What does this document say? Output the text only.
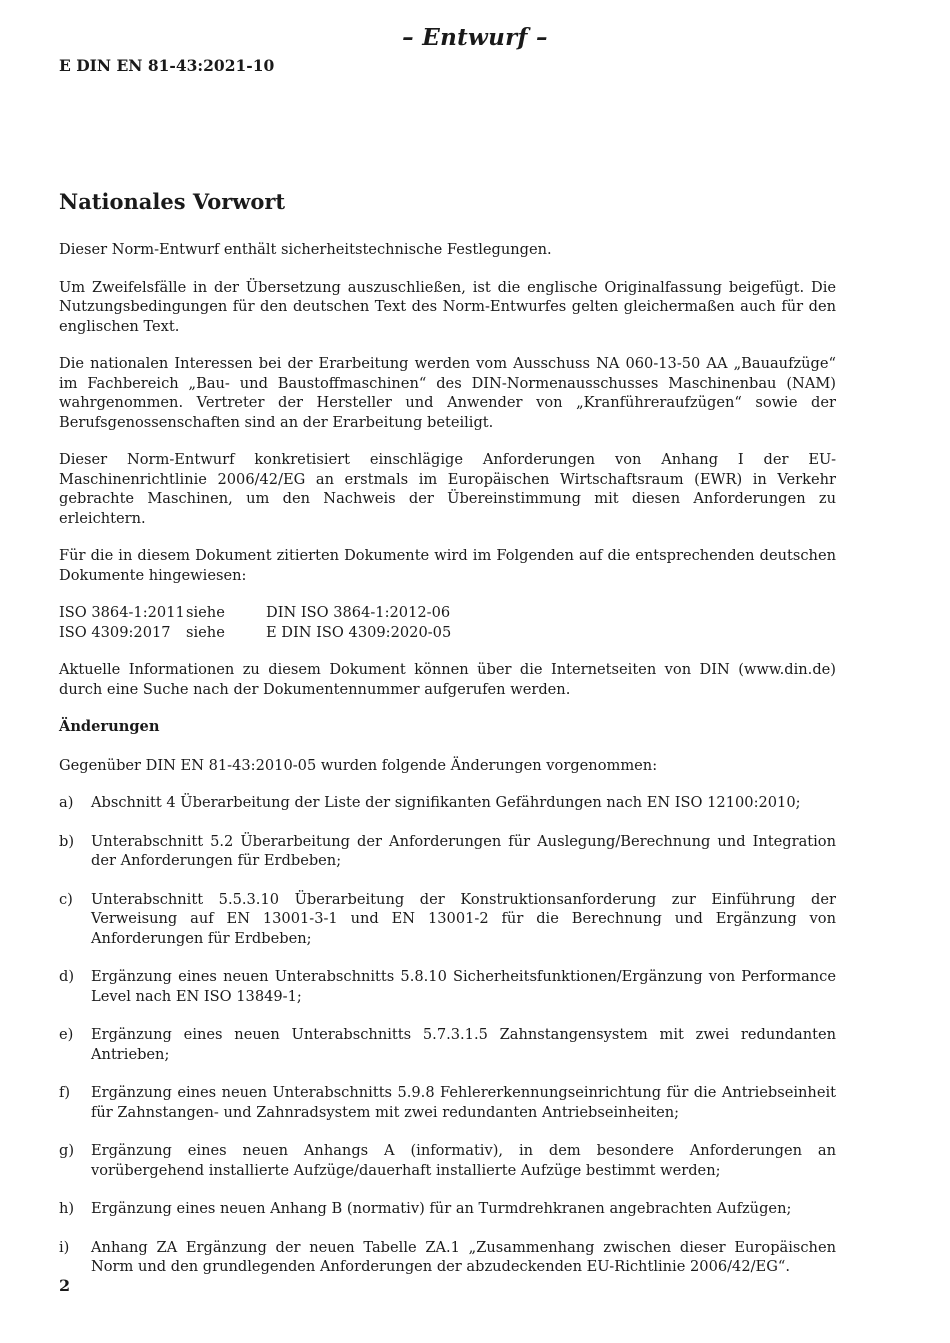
– Entwurf –
E DIN EN 81-43:2021-10
Nationales Vorwort

Dieser Norm-Entwurf enthält sicherheitstechnische Festlegungen.

Um Zweifelsfälle in der Übersetzung auszuschließen, ist die englische Originalfassung beigefügt. Die Nutzungsbedingungen für den deutschen Text des Norm-Entwurfes gelten gleichermaßen auch für den englischen Text.

Die nationalen Interessen bei der Erarbeitung werden vom Ausschuss NA 060-13-50 AA „Bauaufzüge“ im Fachbereich „Bau- und Baustoffmaschinen“ des DIN-Normenausschusses Maschinenbau (NAM) wahrgenommen. Vertreter der Hersteller und Anwender von „Kranführeraufzügen“ sowie der Berufsgenossenschaften sind an der Erarbeitung beteiligt.

Dieser Norm-Entwurf konkretisiert einschlägige Anforderungen von Anhang I der EU-Maschinenrichtlinie 2006/42/EG an erstmals im Europäischen Wirtschaftsraum (EWR) in Verkehr gebrachte Maschinen, um den Nachweis der Übereinstimmung mit diesen Anforderungen zu erleichtern.

Für die in diesem Dokument zitierten Dokumente wird im Folgenden auf die entsprechenden deutschen Dokumente hingewiesen:

ISO 3864-1:2011	siehe	DIN ISO 3864-1:2012-06
ISO 4309:2017	siehe	E DIN ISO 4309:2020-05

Aktuelle Informationen zu diesem Dokument können über die Internetseiten von DIN (www.din.de) durch eine Suche nach der Dokumentennummer aufgerufen werden.

Änderungen

Gegenüber DIN EN 81-43:2010-05 wurden folgende Änderungen vorgenommen:

a) Abschnitt 4 Überarbeitung der Liste der signifikanten Gefährdungen nach EN ISO 12100:2010;
b) Unterabschnitt 5.2 Überarbeitung der Anforderungen für Auslegung/Berechnung und Integration der Anforderungen für Erdbeben;
c) Unterabschnitt 5.5.3.10 Überarbeitung der Konstruktionsanforderung zur Einführung der Verweisung auf EN 13001-3-1 und EN 13001-2 für die Berechnung und Ergänzung von Anforderungen für Erdbeben;
d) Ergänzung eines neuen Unterabschnitts 5.8.10 Sicherheitsfunktionen/Ergänzung von Performance Level nach EN ISO 13849-1;
e) Ergänzung eines neuen Unterabschnitts 5.7.3.1.5 Zahnstangensystem mit zwei redundanten Antrieben;
f) Ergänzung eines neuen Unterabschnitts 5.9.8 Fehlererkennungseinrichtung für die Antriebseinheit für Zahnstangen- und Zahnradsystem mit zwei redundanten Antriebseinheiten;
g) Ergänzung eines neuen Anhangs A (informativ), in dem besondere Anforderungen an vorübergehend installierte Aufzüge/dauerhaft installierte Aufzüge bestimmt werden;
h) Ergänzung eines neuen Anhang B (normativ) für an Turmdrehkranen angebrachten Aufzügen;
i) Anhang ZA Ergänzung der neuen Tabelle ZA.1 „Zusammenhang zwischen dieser Europäischen Norm und den grundlegenden Anforderungen der abzudeckenden EU-Richtlinie 2006/42/EG“.
2
